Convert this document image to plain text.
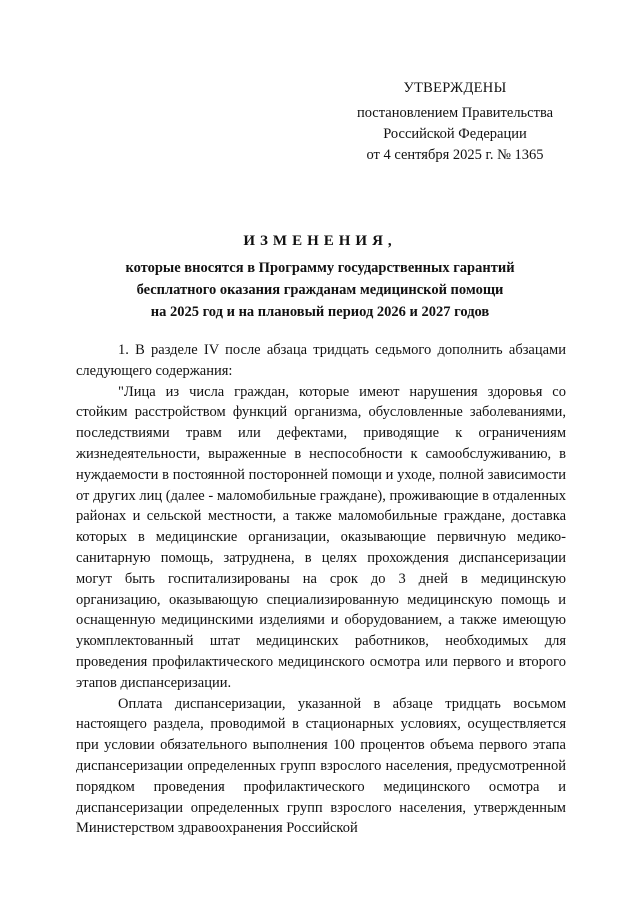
УТВЕРЖДЕНЫ
постановлением Правительства
Российской Федерации
от 4 сентября 2025 г. № 1365
ИЗМЕНЕНИЯ,
которые вносятся в Программу государственных гарантий
бесплатного оказания гражданам медицинской помощи
на 2025 год и на плановый период 2026 и 2027 годов

1. В разделе IV после абзаца тридцать седьмого дополнить абзацами следующего содержания:

"Лица из числа граждан, которые имеют нарушения здоровья со стойким расстройством функций организма, обусловленные заболеваниями, последствиями травм или дефектами, приводящие к ограничениям жизнедеятельности, выраженные в неспособности к самообслуживанию, в нуждаемости в постоянной посторонней помощи и уходе, полной зависимости от других лиц (далее - маломобильные граждане), проживающие в отдаленных районах и сельской местности, а также маломобильные граждане, доставка которых в медицинские организации, оказывающие первичную медико-санитарную помощь, затруднена, в целях прохождения диспансеризации могут быть госпитализированы на срок до 3 дней в медицинскую организацию, оказывающую специализированную медицинскую помощь и оснащенную медицинскими изделиями и оборудованием, а также имеющую укомплектованный штат медицинских работников, необходимых для проведения профилактического медицинского осмотра или первого и второго этапов диспансеризации.

Оплата диспансеризации, указанной в абзаце тридцать восьмом настоящего раздела, проводимой в стационарных условиях, осуществляется при условии обязательного выполнения 100 процентов объема первого этапа диспансеризации определенных групп взрослого населения, предусмотренной порядком проведения профилактического медицинского осмотра и диспансеризации определенных групп взрослого населения, утвержденным Министерством здравоохранения Российской
